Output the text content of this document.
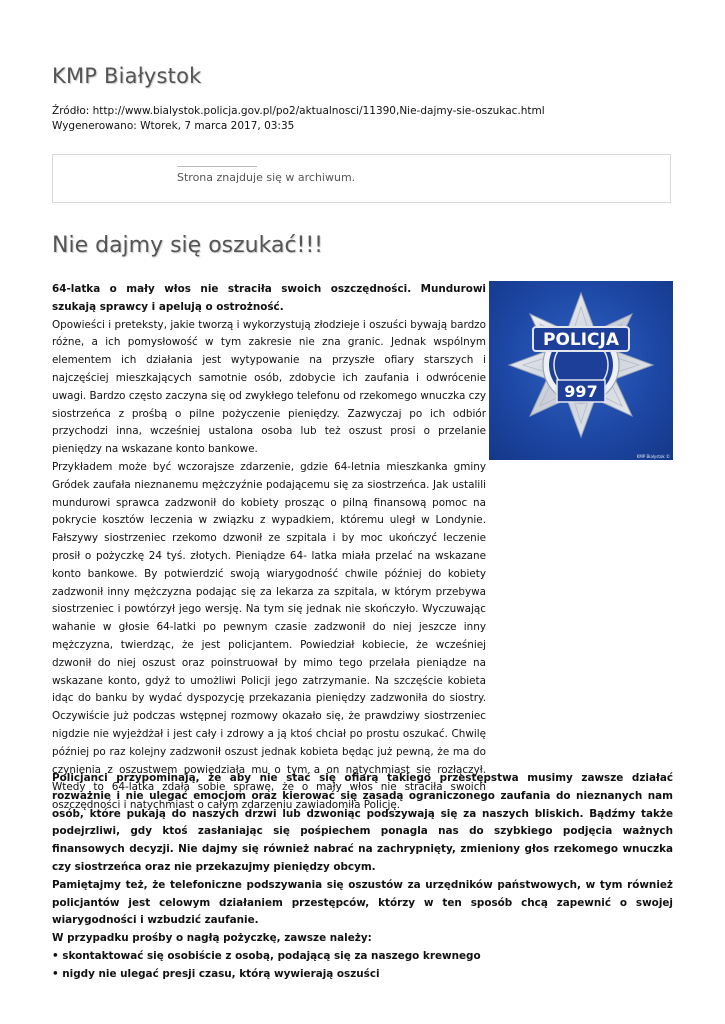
KMP Białystok
Źródło: http://www.bialystok.policja.gov.pl/po2/aktualnosci/11390,Nie-dajmy-sie-oszukac.html
Wygenerowano: Wtorek, 7 marca 2017, 03:35
Strona znajduje się w archiwum.
Nie dajmy się oszukać!!!
POLICJA
997
KMP Białystok ©

64-latka o mały włos nie straciła swoich oszczędności. Mundurowi szukają sprawcy i apelują o ostrożność.

Opowieści i preteksty, jakie tworzą i wykorzystują złodzieje i oszuści bywają bardzo różne, a ich pomysłowość w tym zakresie nie zna granic. Jednak wspólnym elementem ich działania jest wytypowanie na przyszłe ofiary starszych i najczęściej mieszkających samotnie osób, zdobycie ich zaufania i odwrócenie uwagi. Bardzo często zaczyna się od zwykłego telefonu od rzekomego wnuczka czy siostrzeńca z prośbą o pilne pożyczenie pieniędzy. Zazwyczaj po ich odbiór przychodzi inna, wcześniej ustalona osoba lub też oszust prosi o przelanie pieniędzy na wskazane konto bankowe.

Przykładem może być wczorajsze zdarzenie, gdzie 64-letnia mieszkanka gminy Gródek zaufała nieznanemu mężczyźnie podającemu się za siostrzeńca. Jak ustalili mundurowi sprawca zadzwonił do kobiety prosząc o pilną finansową pomoc na pokrycie kosztów leczenia w związku z wypadkiem, któremu uległ w Londynie. Fałszywy siostrzeniec rzekomo dzwonił ze szpitala i by moc ukończyć leczenie prosił o pożyczkę 24 tyś. złotych. Pieniądze 64- latka miała przelać na wskazane konto bankowe. By potwierdzić swoją wiarygodność chwile później do kobiety zadzwonił inny mężczyzna podając się za lekarza za szpitala, w którym przebywa siostrzeniec i powtórzył jego wersję. Na tym się jednak nie skończyło. Wyczuwając wahanie w głosie 64-latki po pewnym czasie zadzwonił do niej jeszcze inny mężczyzna, twierdząc, że jest policjantem. Powiedział kobiecie, że wcześniej dzwonił do niej oszust oraz poinstruował by mimo tego przelała pieniądze na wskazane konto, gdyż to umożliwi Policji jego zatrzymanie. Na szczęście kobieta idąc do banku by wydać dyspozycję przekazania pieniędzy zadzwoniła do siostry. Oczywiście już podczas wstępnej rozmowy okazało się, że prawdziwy siostrzeniec nigdzie nie wyjeżdżał i jest cały i zdrowy a ją ktoś chciał po prostu oszukać. Chwilę później po raz kolejny zadzwonił oszust jednak kobieta będąc już pewną, że ma do czynienia z oszustwem powiedziała mu o tym a on natychmiast się rozłączył. Wtedy to 64-latka zdała sobie sprawę, że o mały włos nie straciła swoich oszczędności i natychmiast o całym zdarzeniu zawiadomiła Policję.

Policjanci przypominają, że aby nie stać się ofiarą takiego przestępstwa musimy zawsze działać rozważnie i nie ulegać emocjom oraz kierować się zasadą ograniczonego zaufania do nieznanych nam osób, które pukają do naszych drzwi lub dzwoniąc podszywają się za naszych bliskich. Bądźmy także podejrzliwi, gdy ktoś zasłaniając się pośpiechem ponagla nas do szybkiego podjęcia ważnych finansowych decyzji. Nie dajmy się również nabrać na zachrypnięty, zmieniony głos rzekomego wnuczka czy siostrzeńca oraz nie przekazujmy pieniędzy obcym.

Pamiętajmy też, że telefoniczne podszywania się oszustów za urzędników państwowych, w tym również policjantów jest celowym działaniem przestępców, którzy w ten sposób chcą zapewnić o swojej wiarygodności i wzbudzić zaufanie.

W przypadku prośby o nagłą pożyczkę, zawsze należy:

• skontaktować się osobiście z osobą, podającą się za naszego krewnego

• nigdy nie ulegać presji czasu, którą wywierają oszuści
